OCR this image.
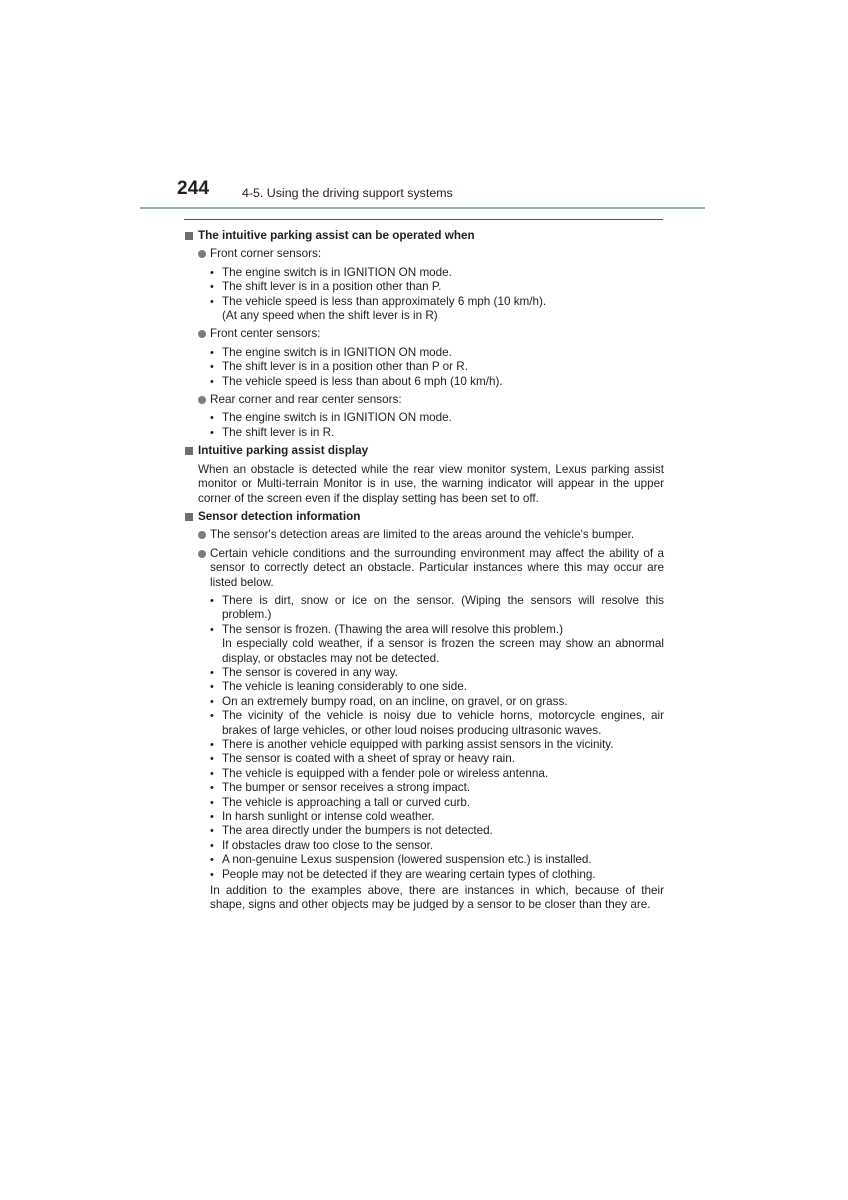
244	4-5. Using the driving support systems
The intuitive parking assist can be operated when
Front corner sensors:
• The engine switch is in IGNITION ON mode.
• The shift lever is in a position other than P.
• The vehicle speed is less than approximately 6 mph (10 km/h).
(At any speed when the shift lever is in R)
Front center sensors:
• The engine switch is in IGNITION ON mode.
• The shift lever is in a position other than P or R.
• The vehicle speed is less than about 6 mph (10 km/h).
Rear corner and rear center sensors:
• The engine switch is in IGNITION ON mode.
• The shift lever is in R.
Intuitive parking assist display
When an obstacle is detected while the rear view monitor system, Lexus parking assist monitor or Multi-terrain Monitor is in use, the warning indicator will appear in the upper corner of the screen even if the display setting has been set to off.
Sensor detection information
The sensor's detection areas are limited to the areas around the vehicle's bumper.
Certain vehicle conditions and the surrounding environment may affect the ability of a sensor to correctly detect an obstacle. Particular instances where this may occur are listed below.
• There is dirt, snow or ice on the sensor. (Wiping the sensors will resolve this problem.)
• The sensor is frozen. (Thawing the area will resolve this problem.)
In especially cold weather, if a sensor is frozen the screen may show an abnormal display, or obstacles may not be detected.
• The sensor is covered in any way.
• The vehicle is leaning considerably to one side.
• On an extremely bumpy road, on an incline, on gravel, or on grass.
• The vicinity of the vehicle is noisy due to vehicle horns, motorcycle engines, air brakes of large vehicles, or other loud noises producing ultrasonic waves.
• There is another vehicle equipped with parking assist sensors in the vicinity.
• The sensor is coated with a sheet of spray or heavy rain.
• The vehicle is equipped with a fender pole or wireless antenna.
• The bumper or sensor receives a strong impact.
• The vehicle is approaching a tall or curved curb.
• In harsh sunlight or intense cold weather.
• The area directly under the bumpers is not detected.
• If obstacles draw too close to the sensor.
• A non-genuine Lexus suspension (lowered suspension etc.) is installed.
• People may not be detected if they are wearing certain types of clothing.
In addition to the examples above, there are instances in which, because of their shape, signs and other objects may be judged by a sensor to be closer than they are.
